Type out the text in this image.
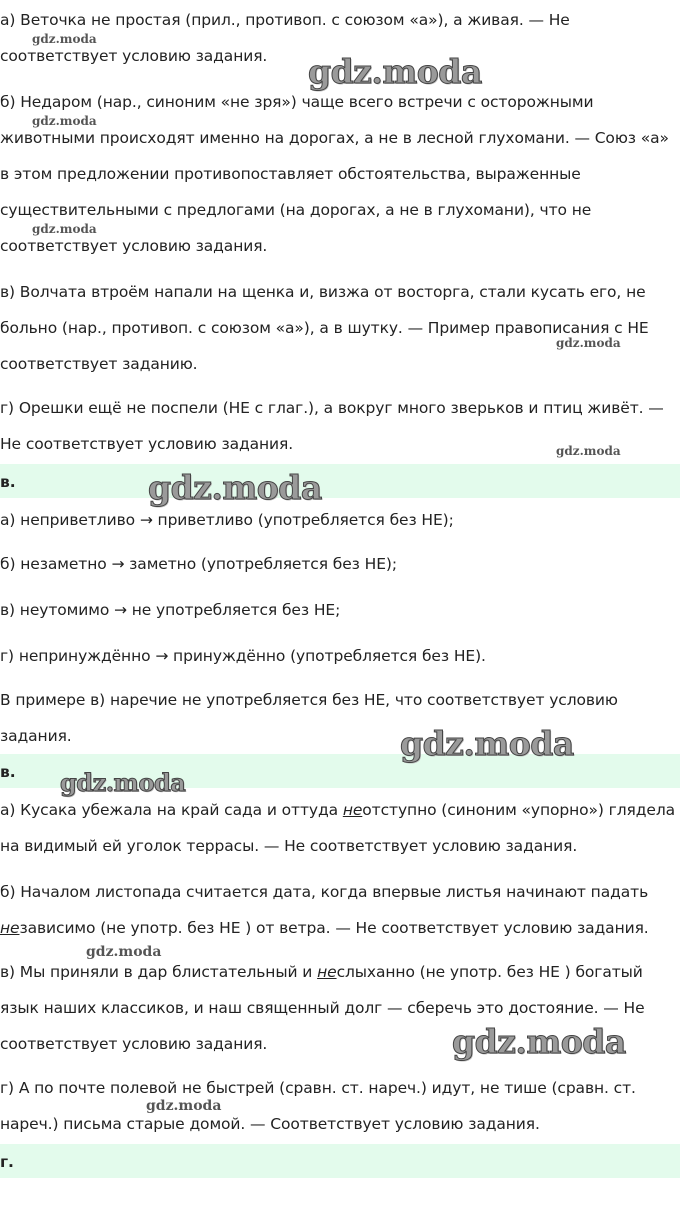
а) Веточка не простая (прил., противоп. с союзом «а»), а живая. — Не соответствует условию задания.

б) Недаром (нар., синоним «не зря») чаще всего встречи с осторожными животными происходят именно на дорогах, а не в лесной глухомани. — Союз «а» в этом предложении противопоставляет обстоятельства, выраженные существительными с предлогами (на дорогах, а не в глухомани), что не соответствует условию задания.

в) Волчата втроём напали на щенка и, визжа от восторга, стали кусать его, не больно (нар., противоп. с союзом «а»), а в шутку. — Пример правописания с НЕ соответствует заданию.

г) Орешки ещё не поспели (НЕ с глаг.), а вокруг много зверьков и птиц живёт. — Не соответствует условию задания.

в.

а) неприветливо → приветливо (употребляется без НЕ);

б) незаметно → заметно (употребляется без НЕ);

в) неутомимо → не употребляется без НЕ;

г) непринуждённо → принуждённо (употребляется без НЕ).

В примере в) наречие не употребляется без НЕ, что соответствует условию задания.

в.

а) Кусака убежала на край сада и оттуда неотступно (синоним «упорно») глядела на видимый ей уголок террасы. — Не соответствует условию задания.

б) Началом листопада считается дата, когда впервые листья начинают падать независимо (не употр. без НЕ ) от ветра. — Не соответствует условию задания.

в) Мы приняли в дар блистательный и неслыханно (не употр. без НЕ ) богатый язык наших классиков, и наш священный долг — сберечь это достояние. — Не соответствует условию задания.

г) А по почте полевой не быстрей (сравн. ст. нареч.) идут, не тише (сравн. ст. нареч.) письма старые домой. — Соответствует условию задания.

г.
gdz.moda
gdz.moda
gdz.moda
gdz.moda
gdz.moda
gdz.moda
gdz.moda
gdz.moda
gdz.moda
gdz.moda
gdz.moda
gdz.moda
